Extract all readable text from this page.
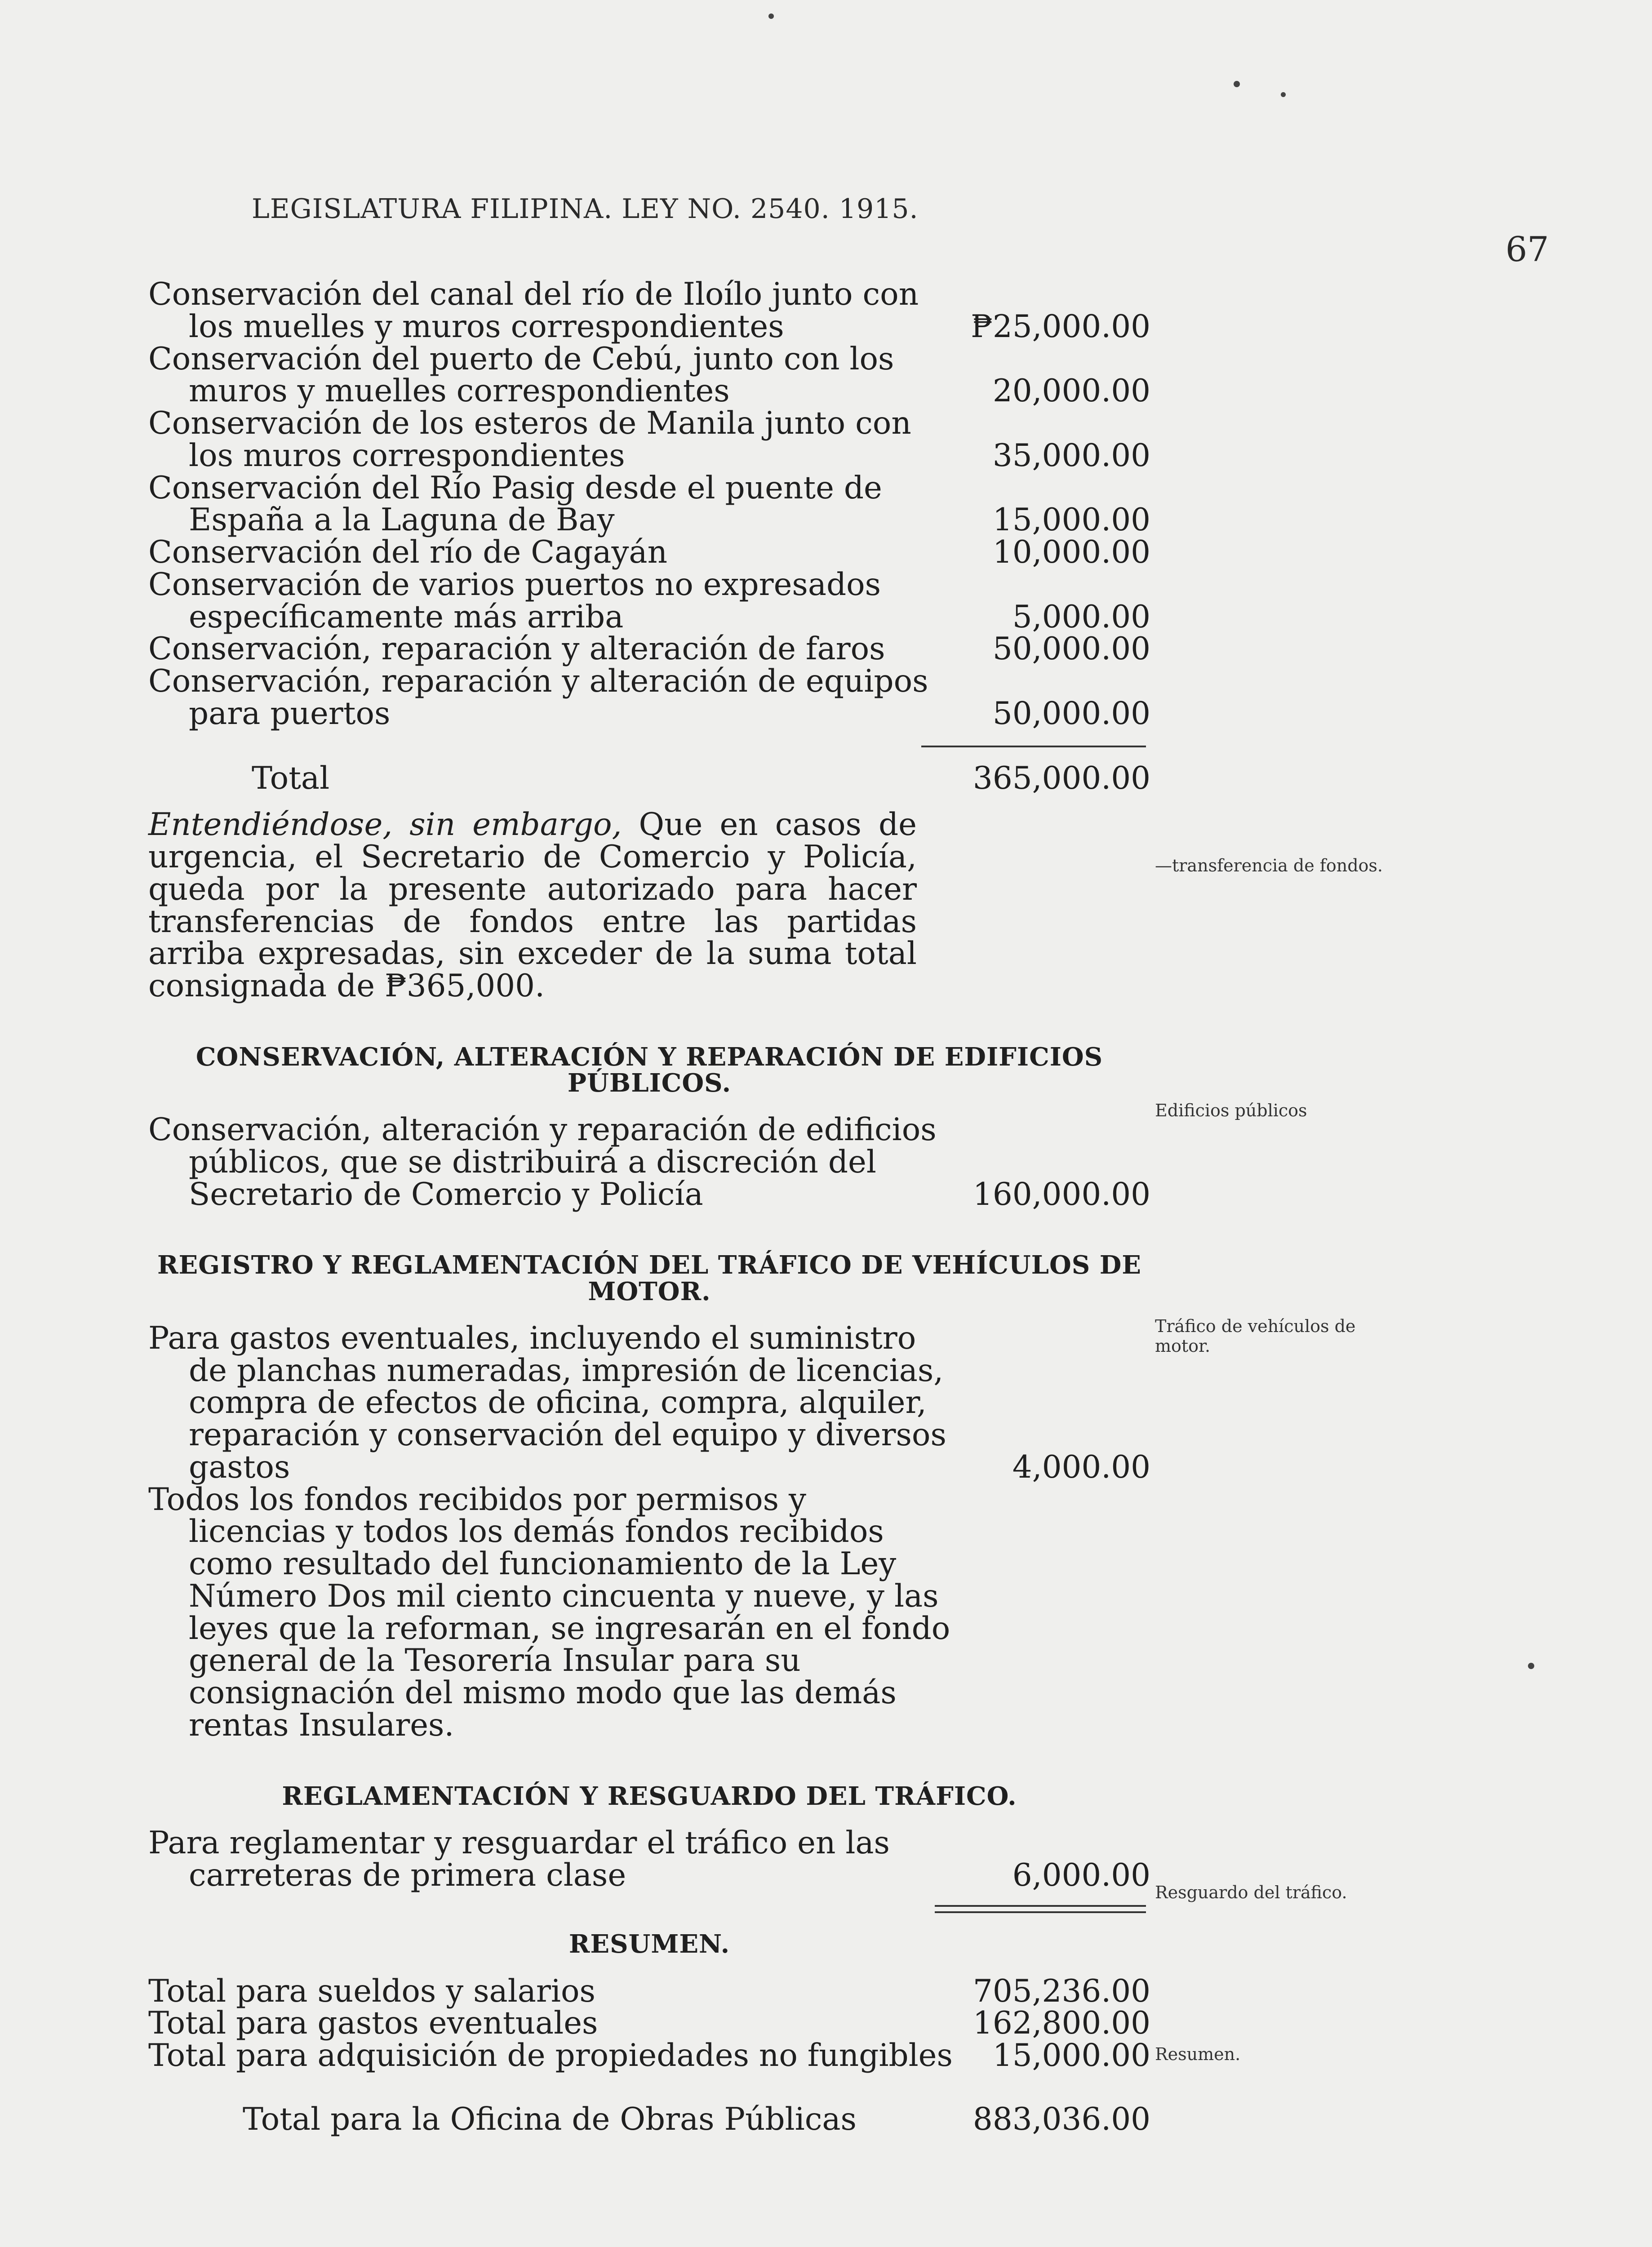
LEGISLATURA FILIPINA. LEY NO. 2540. 1915.
67
Conservación del canal del río de Iloílo junto con los muelles y muros correspondientes	₱25,000.00
Conservación del puerto de Cebú, junto con los muros y muelles correspondientes	20,000.00
Conservación de los esteros de Manila junto con los muros correspondientes	35,000.00
Conservación del Río Pasig desde el puente de España a la Laguna de Bay	15,000.00
Conservación del río de Cagayán	10,000.00
Conservación de varios puertos no expresados específicamente más arriba	5,000.00
Conservación, reparación y alteración de faros	50,000.00
Conservación, reparación y alteración de equipos para puertos	50,000.00
Total	365,000.00
Entendiéndose, sin embargo, Que en casos de urgencia, el Secretario de Comercio y Policía, queda por la presente autorizado para hacer transferencias de fondos entre las partidas arriba expresadas, sin exceder de la suma total consignada de ₱365,000.
CONSERVACIÓN, ALTERACIÓN Y REPARACIÓN DE EDIFICIOS PÚBLICOS.
Conservación, alteración y reparación de edificios públicos, que se distribuirá a discreción del Secretario de Comercio y Policía	160,000.00
REGISTRO Y REGLAMENTACIÓN DEL TRÁFICO DE VEHÍCULOS DE MOTOR.
Para gastos eventuales, incluyendo el suministro de planchas numeradas, impresión de licencias, compra de efectos de oficina, compra, alquiler, reparación y conservación del equipo y diversos gastos	4,000.00
Todos los fondos recibidos por permisos y licencias y todos los demás fondos recibidos como resultado del funcionamiento de la Ley Número Dos mil ciento cincuenta y nueve, y las leyes que la reforman, se ingresarán en el fondo general de la Tesorería Insular para su consignación del mismo modo que las demás rentas Insulares.
REGLAMENTACIÓN Y RESGUARDO DEL TRÁFICO.
Para reglamentar y resguardar el tráfico en las carreteras de primera clase	6,000.00
RESUMEN.
Total para sueldos y salarios	705,236.00
Total para gastos eventuales	162,800.00
Total para adquisición de propiedades no fungibles	15,000.00
Total para la Oficina de Obras Públicas	883,036.00
—transferencia de fondos.
Edificios públicos
Tráfico de vehículos de motor.
Resguardo del tráfico.
Resumen.
